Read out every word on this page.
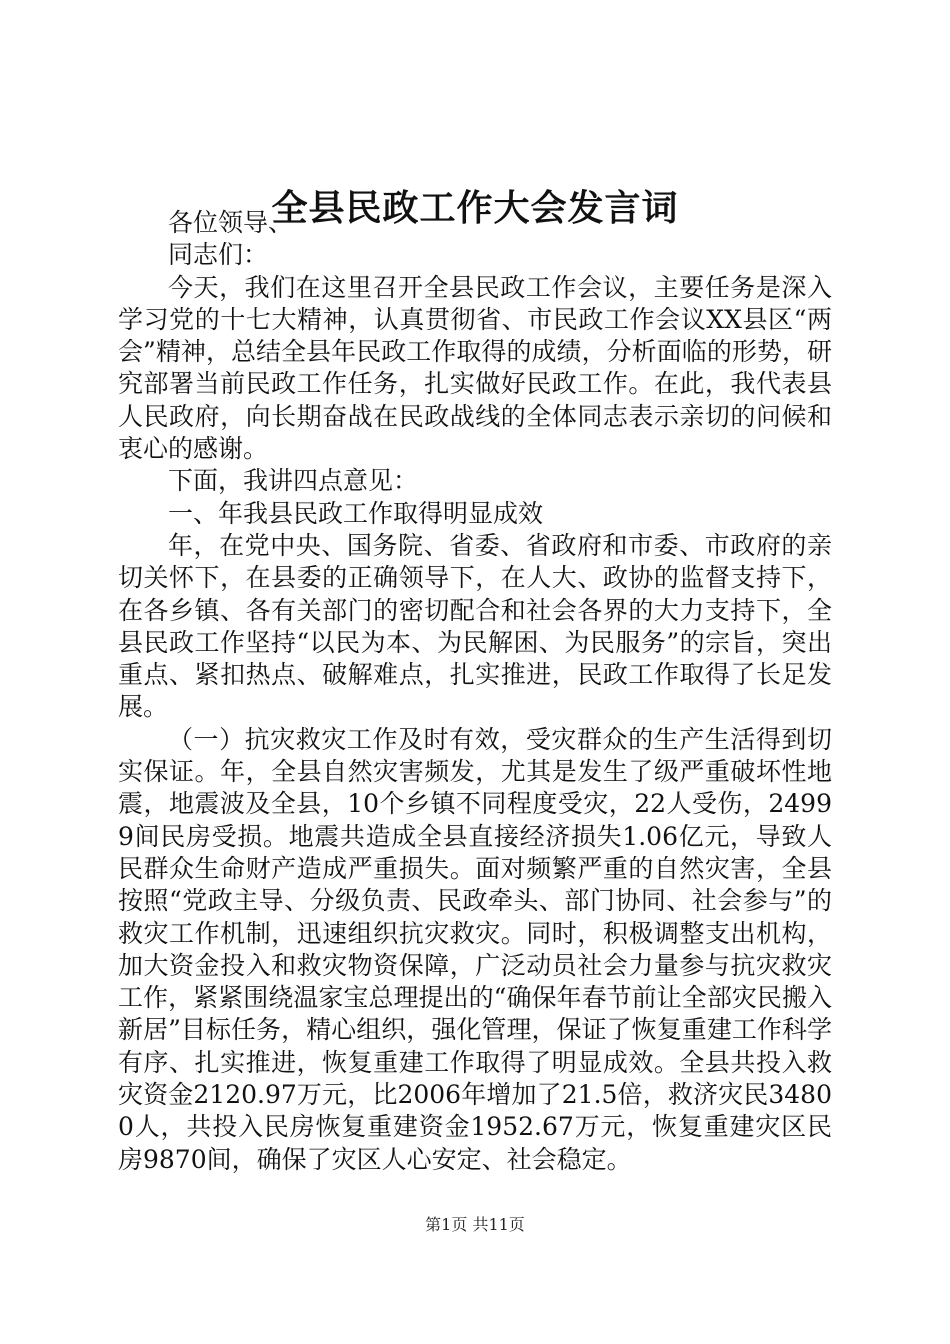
全县民政工作大会发言词

各位领导、

同志们：

今天，我们在这里召开全县民政工作会议，主要任务是深入学习党的十七大精神，认真贯彻省、市民政工作会议XX县区“两会”精神，总结全县年民政工作取得的成绩，分析面临的形势，研究部署当前民政工作任务，扎实做好民政工作。在此，我代表县人民政府，向长期奋战在民政战线的全体同志表示亲切的问候和衷心的感谢。

下面，我讲四点意见：

一、年我县民政工作取得明显成效

年，在党中央、国务院、省委、省政府和市委、市政府的亲切关怀下，在县委的正确领导下，在人大、政协的监督支持下，在各乡镇、各有关部门的密切配合和社会各界的大力支持下，全县民政工作坚持“以民为本、为民解困、为民服务”的宗旨，突出重点、紧扣热点、破解难点，扎实推进，民政工作取得了长足发展。

（一）抗灾救灾工作及时有效，受灾群众的生产生活得到切实保证。年，全县自然灾害频发，尤其是发生了级严重破坏性地震，地震波及全县，10个乡镇不同程度受灾，22人受伤，24999间民房受损。地震共造成全县直接经济损失1.06亿元，导致人民群众生命财产造成严重损失。面对频繁严重的自然灾害，全县按照“党政主导、分级负责、民政牵头、部门协同、社会参与”的救灾工作机制，迅速组织抗灾救灾。同时，积极调整支出机构，加大资金投入和救灾物资保障，广泛动员社会力量参与抗灾救灾工作，紧紧围绕温家宝总理提出的“确保年春节前让全部灾民搬入新居”目标任务，精心组织，强化管理，保证了恢复重建工作科学有序、扎实推进，恢复重建工作取得了明显成效。全县共投入救灾资金2120.97万元，比2006年增加了21.5倍，救济灾民34800人，共投入民房恢复重建资金1952.67万元，恢复重建灾区民房9870间，确保了灾区人心安定、社会稳定。

第1页 共11页
